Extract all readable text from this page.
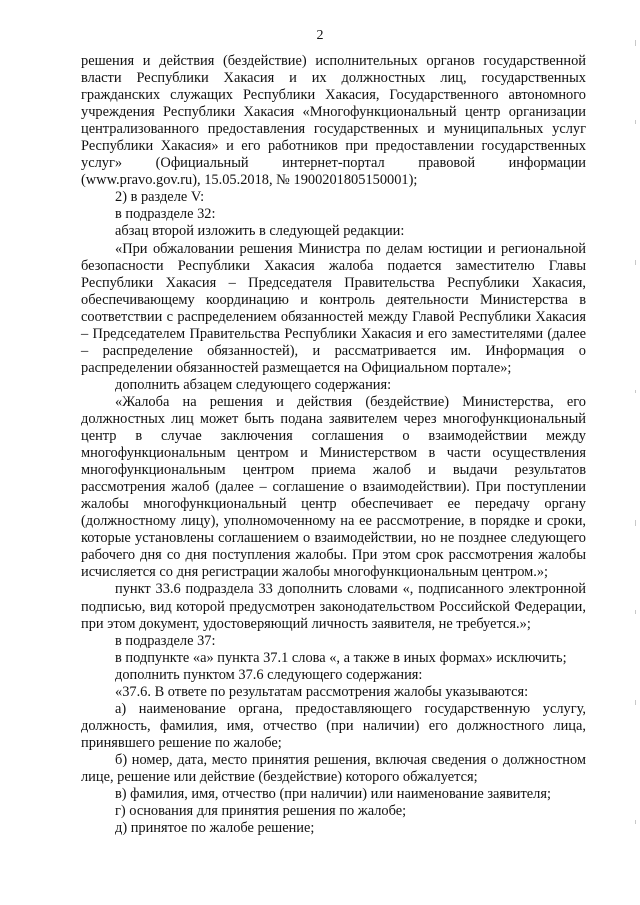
2

решения и действия (бездействие) исполнительных органов государственной власти Республики Хакасия и их должностных лиц, государственных гражданских служащих Республики Хакасия, Государственного автономного учреждения Республики Хакасия «Многофункциональный центр организации централизованного предоставления государственных и муниципальных услуг Республики Хакасия» и его работников при предоставлении государственных услуг» (Официальный интернет-портал правовой информации (www.pravo.gov.ru), 15.05.2018, № 1900201805150001);

2) в разделе V:

в подразделе 32:

абзац второй изложить в следующей редакции:

«При обжаловании решения Министра по делам юстиции и региональной безопасности Республики Хакасия жалоба подается заместителю Главы Республики Хакасия – Председателя Правительства Республики Хакасия, обеспечивающему координацию и контроль деятельности Министерства в соответствии с распределением обязанностей между Главой Республики Хакасия – Председателем Правительства Республики Хакасия и его заместителями (далее – распределение обязанностей), и рассматривается им. Информация о распределении обязанностей размещается на Официальном портале»;

дополнить абзацем следующего содержания:

«Жалоба на решения и действия (бездействие) Министерства, его должностных лиц может быть подана заявителем через многофункциональный центр в случае заключения соглашения о взаимодействии между многофункциональным центром и Министерством в части осуществления многофункциональным центром приема жалоб и выдачи результатов рассмотрения жалоб (далее – соглашение о взаимодействии). При поступлении жалобы многофункциональный центр обеспечивает ее передачу органу (должностному лицу), уполномоченному на ее рассмотрение, в порядке и сроки, которые установлены соглашением о взаимодействии, но не позднее следующего рабочего дня со дня поступления жалобы. При этом срок рассмотрения жалобы исчисляется со дня регистрации жалобы многофункциональным центром.»;

пункт 33.6 подраздела 33 дополнить словами «, подписанного электронной подписью, вид которой предусмотрен законодательством Российской Федерации, при этом документ, удостоверяющий личность заявителя, не требуется.»;

в подразделе 37:

в подпункте «а» пункта 37.1 слова «, а также в иных формах» исключить;

дополнить пунктом 37.6 следующего содержания:

«37.6. В ответе по результатам рассмотрения жалобы указываются:

а) наименование органа, предоставляющего государственную услугу, должность, фамилия, имя, отчество (при наличии) его должностного лица, принявшего решение по жалобе;

б) номер, дата, место принятия решения, включая сведения о должностном лице, решение или действие (бездействие) которого обжалуется;

в) фамилия, имя, отчество (при наличии) или наименование заявителя;

г) основания для принятия решения по жалобе;

д) принятое по жалобе решение;
